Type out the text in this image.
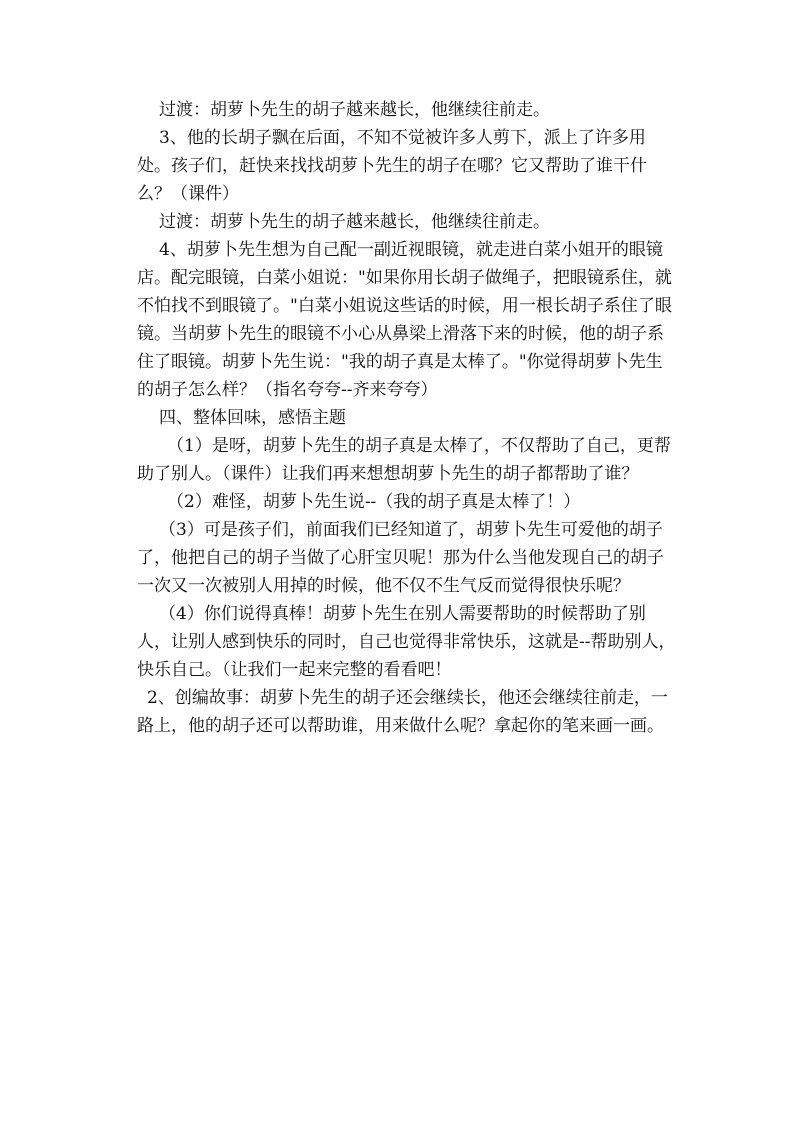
过渡：胡萝卜先生的胡子越来越长，他继续往前走。

3、他的长胡子飘在后面，不知不觉被许多人剪下，派上了许多用处。孩子们，赶快来找找胡萝卜先生的胡子在哪？它又帮助了谁干什么？（课件）

过渡：胡萝卜先生的胡子越来越长，他继续往前走。

4、胡萝卜先生想为自己配一副近视眼镜，就走进白菜小姐开的眼镜店。配完眼镜，白菜小姐说："如果你用长胡子做绳子，把眼镜系住，就不怕找不到眼镜了。"白菜小姐说这些话的时候，用一根长胡子系住了眼镜。当胡萝卜先生的眼镜不小心从鼻梁上滑落下来的时候，他的胡子系住了眼镜。胡萝卜先生说："我的胡子真是太棒了。"你觉得胡萝卜先生的胡子怎么样？（指名夸夸--齐来夸夸）

四、整体回味，感悟主题

（1）是呀，胡萝卜先生的胡子真是太棒了，不仅帮助了自己，更帮助了别人。（课件）让我们再来想想胡萝卜先生的胡子都帮助了谁？

（2）难怪，胡萝卜先生说--（我的胡子真是太棒了！）

（3）可是孩子们，前面我们已经知道了，胡萝卜先生可爱他的胡子了，他把自己的胡子当做了心肝宝贝呢！那为什么当他发现自己的胡子一次又一次被别人用掉的时候，他不仅不生气反而觉得很快乐呢？

（4）你们说得真棒！胡萝卜先生在别人需要帮助的时候帮助了别人，让别人感到快乐的同时，自己也觉得非常快乐，这就是--帮助别人，快乐自己。（让我们一起来完整的看看吧！

2、创编故事：胡萝卜先生的胡子还会继续长，他还会继续往前走，一路上，他的胡子还可以帮助谁，用来做什么呢？拿起你的笔来画一画。
